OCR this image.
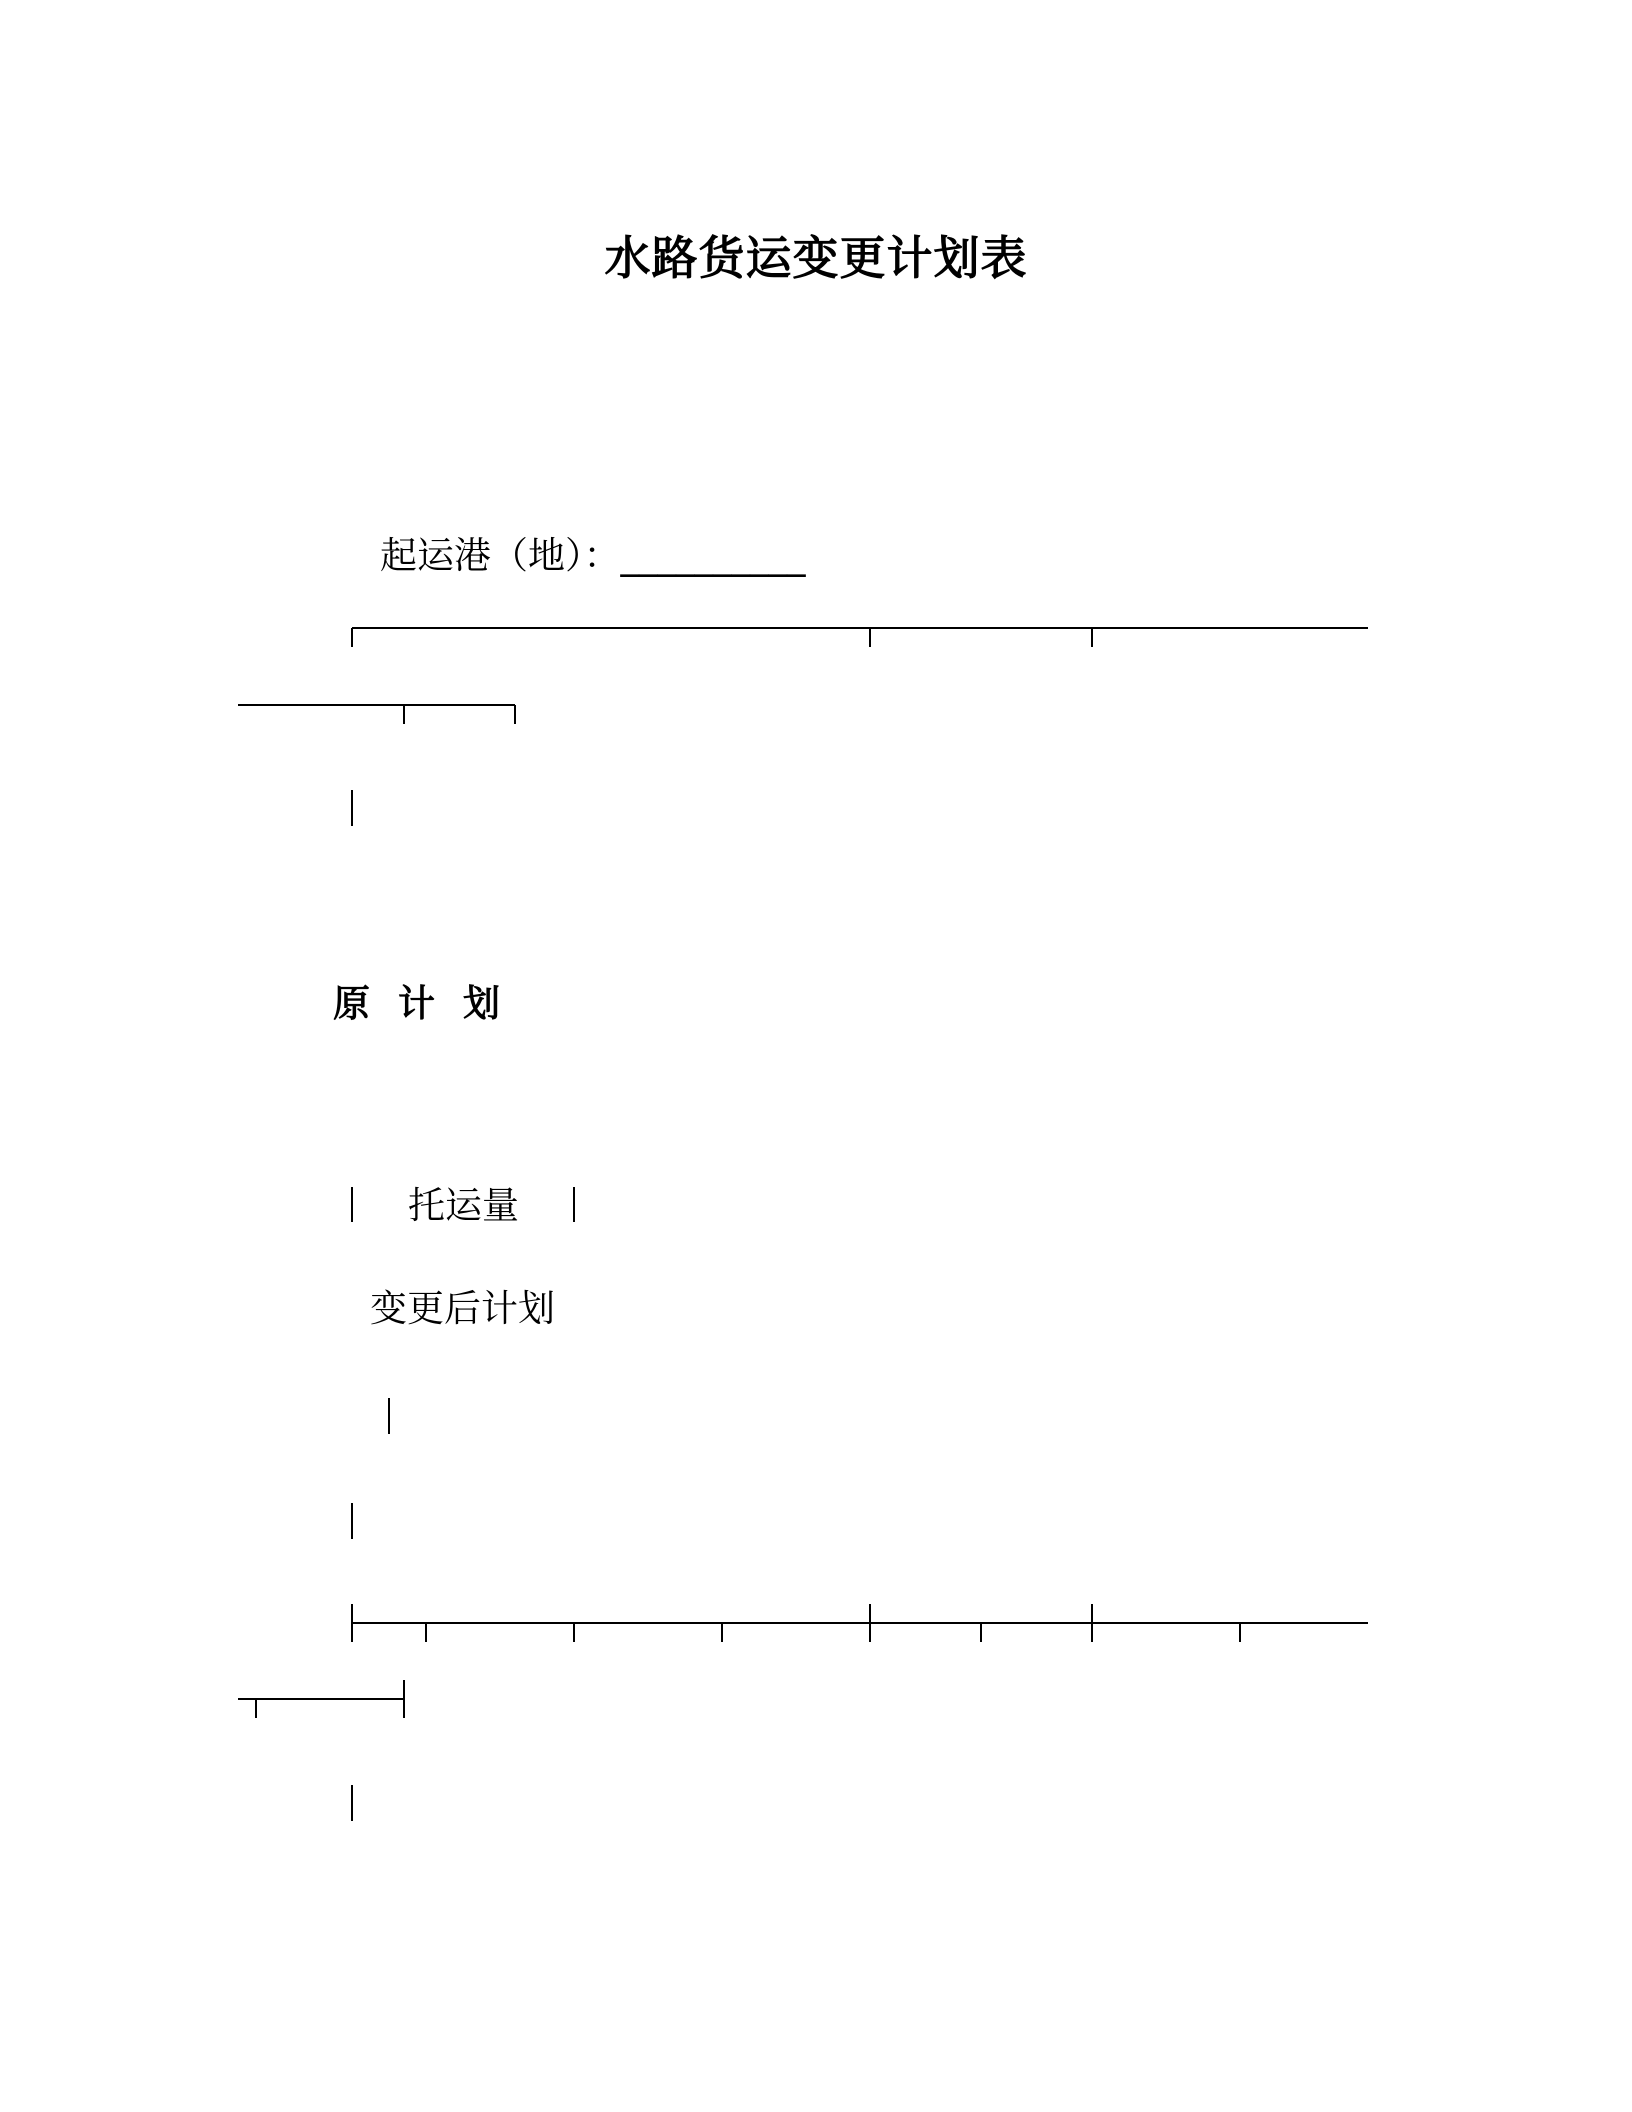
水路货运变更计划表

起运港（地）：__________

原计划
托运量
变更后计划
